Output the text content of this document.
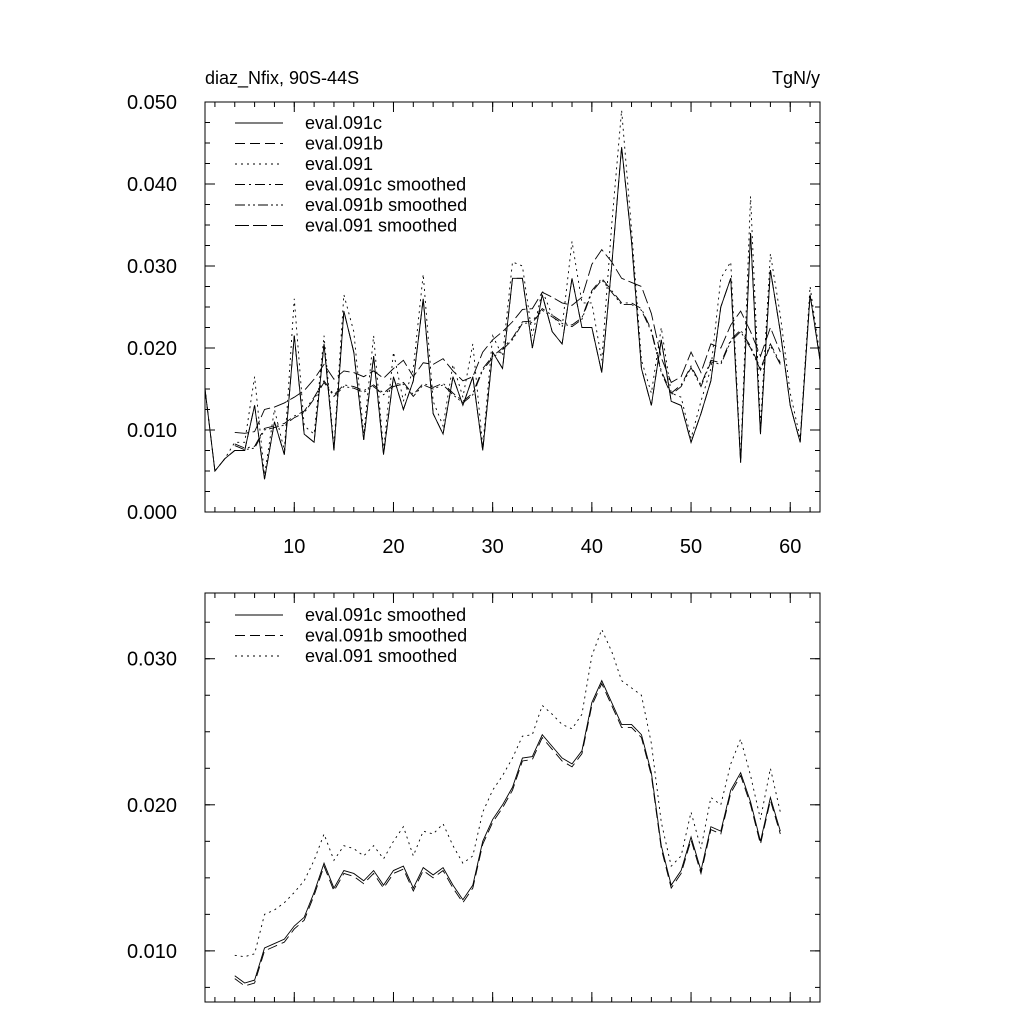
10	20	30	40	50	60
0.000
0.010
0.020
0.030
0.040
0.050
diaz_Nfix, 90S-44S	TgN/y
eval.091c
eval.091b
eval.091
eval.091c smoothed
eval.091b smoothed
eval.091 smoothed
0.010
0.020
0.030
eval.091c smoothed
eval.091b smoothed
eval.091 smoothed
